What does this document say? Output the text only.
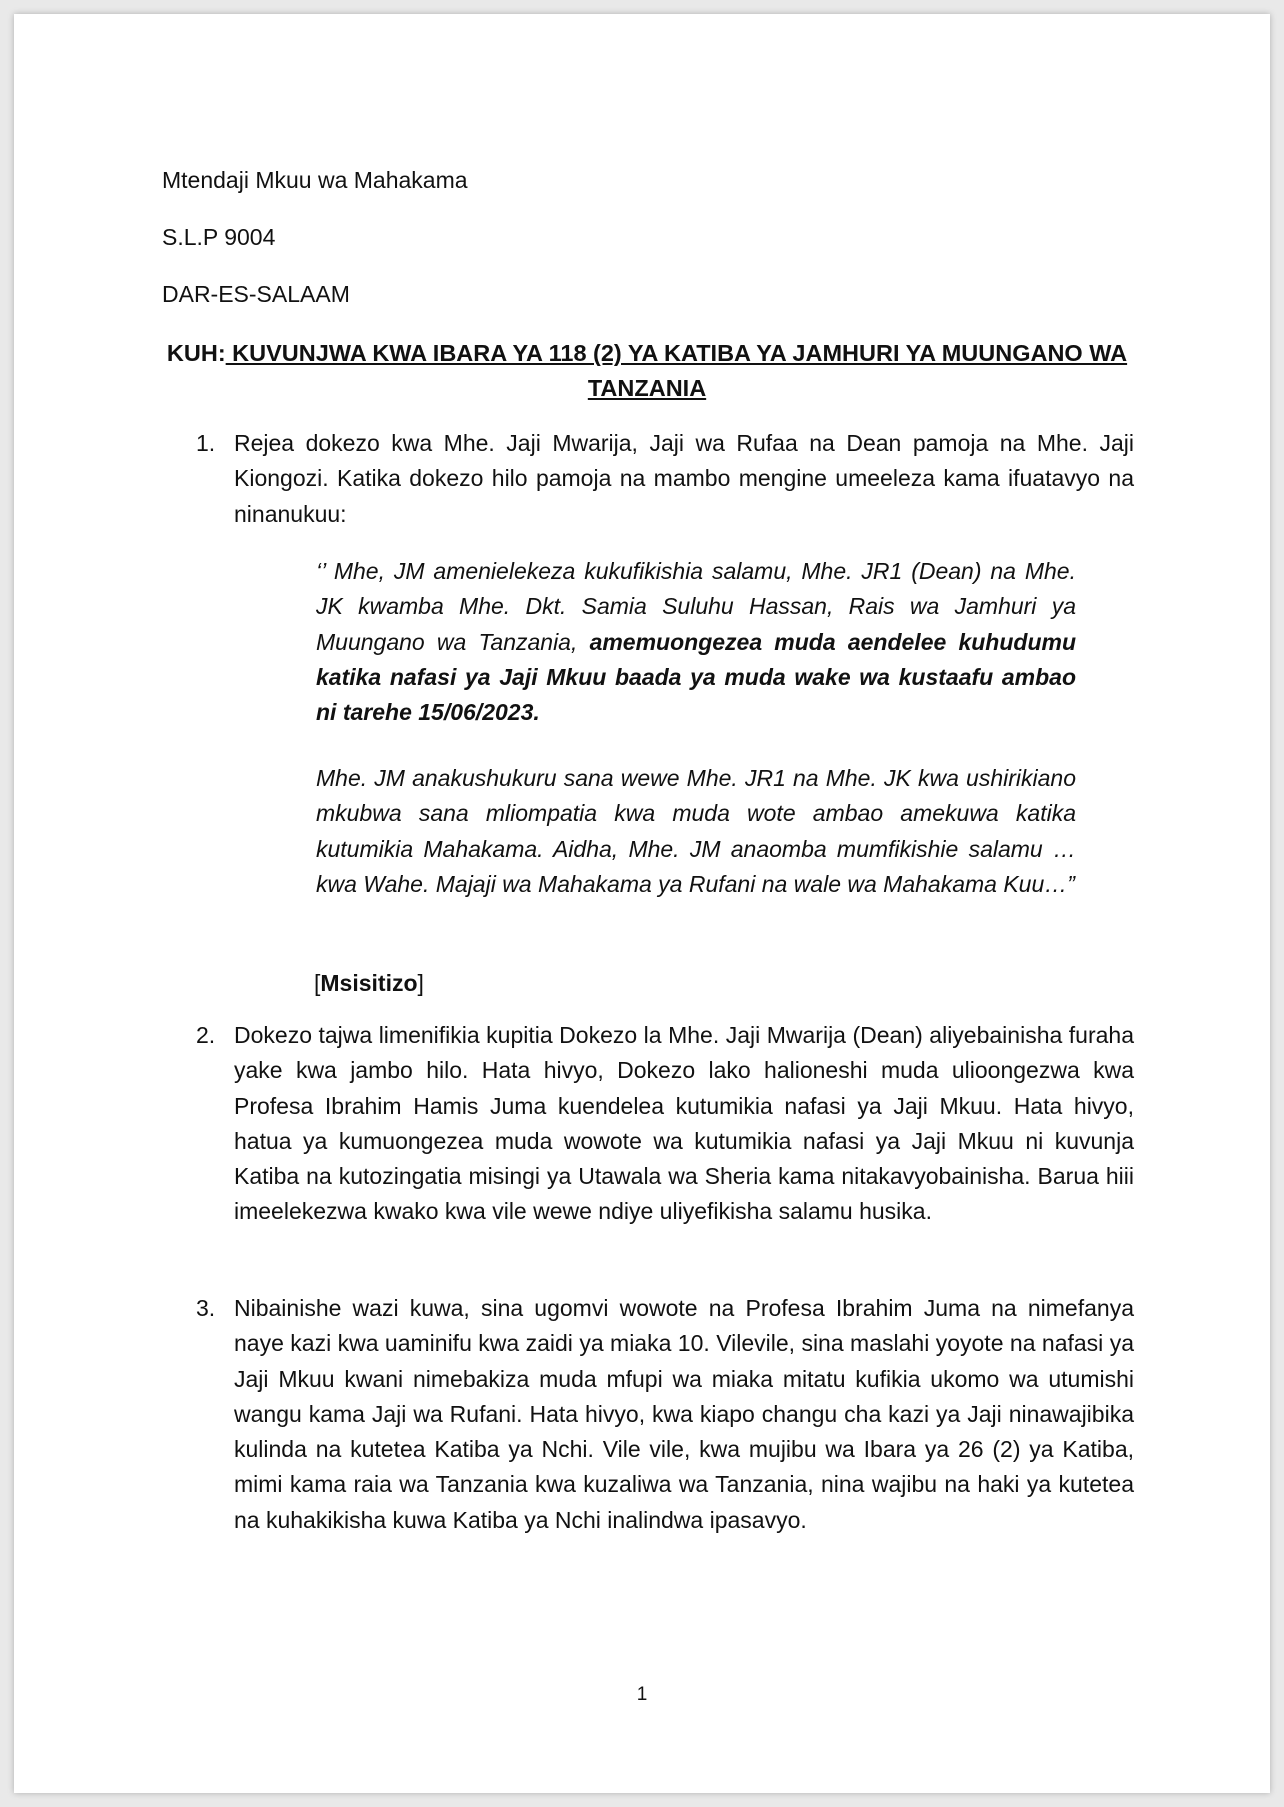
Mtendaji Mkuu wa Mahakama

S.L.P 9004

DAR-ES-SALAAM

KUH: KUVUNJWA KWA IBARA YA 118 (2) YA KATIBA YA JAMHURI YA MUUNGANO WA TANZANIA

1. Rejea dokezo kwa Mhe. Jaji Mwarija, Jaji wa Rufaa na Dean pamoja na Mhe. Jaji Kiongozi. Katika dokezo hilo pamoja na mambo mengine umeeleza kama ifuatavyo na ninanukuu:

‘’ Mhe, JM amenielekeza kukufikishia salamu, Mhe. JR1 (Dean) na Mhe. JK kwamba Mhe. Dkt. Samia Suluhu Hassan, Rais wa Jamhuri ya Muungano wa Tanzania, amemuongezea muda aendelee kuhudumu katika nafasi ya Jaji Mkuu baada ya muda wake wa kustaafu ambao ni tarehe 15/06/2023.

Mhe. JM anakushukuru sana wewe Mhe. JR1 na Mhe. JK kwa ushirikiano mkubwa sana mliompatia kwa muda wote ambao amekuwa katika kutumikia Mahakama. Aidha, Mhe. JM anaomba mumfikishie salamu …kwa Wahe. Majaji wa Mahakama ya Rufani na wale wa Mahakama Kuu…”

[Msisitizo]

2. Dokezo tajwa limenifikia kupitia Dokezo la Mhe. Jaji Mwarija (Dean) aliyebainisha furaha yake kwa jambo hilo. Hata hivyo, Dokezo lako halioneshi muda ulioongezwa kwa Profesa Ibrahim Hamis Juma kuendelea kutumikia nafasi ya Jaji Mkuu. Hata hivyo, hatua ya kumuongezea muda wowote wa kutumikia nafasi ya Jaji Mkuu ni kuvunja Katiba na kutozingatia misingi ya Utawala wa Sheria kama nitakavyobainisha. Barua hiii imeelekezwa kwako kwa vile wewe ndiye uliyefikisha salamu husika.

3. Nibainishe wazi kuwa, sina ugomvi wowote na Profesa Ibrahim Juma na nimefanya naye kazi kwa uaminifu kwa zaidi ya miaka 10. Vilevile, sina maslahi yoyote na nafasi ya Jaji Mkuu kwani nimebakiza muda mfupi wa miaka mitatu kufikia ukomo wa utumishi wangu kama Jaji wa Rufani. Hata hivyo, kwa kiapo changu cha kazi ya Jaji ninawajibika kulinda na kutetea Katiba ya Nchi. Vile vile, kwa mujibu wa Ibara ya 26 (2) ya Katiba, mimi kama raia wa Tanzania kwa kuzaliwa wa Tanzania, nina wajibu na haki ya kutetea na kuhakikisha kuwa Katiba ya Nchi inalindwa ipasavyo.

1
